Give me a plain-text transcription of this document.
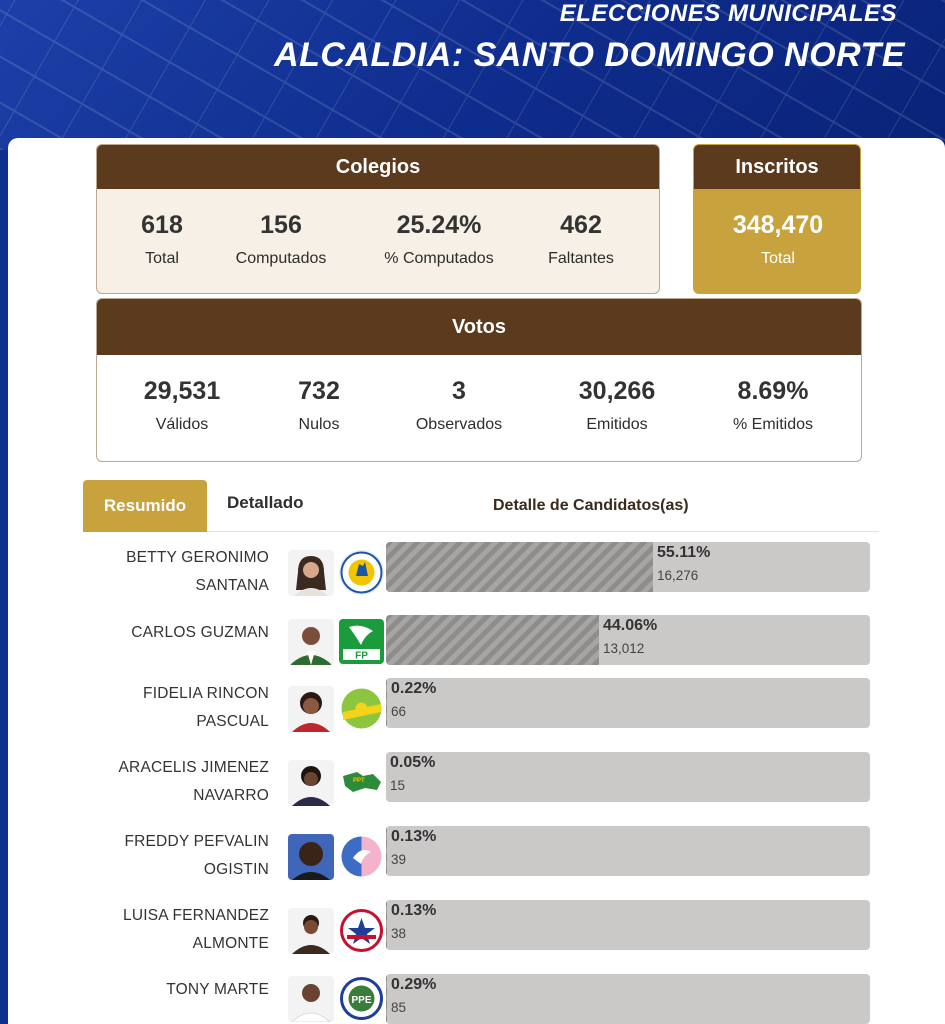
ELECCIONES MUNICIPALES
ALCALDIA: SANTO DOMINGO NORTE
Colegios
618
Total
156
Computados
25.24%
% Computados
462
Faltantes
Inscritos
348,470
Total
Votos
29,531
Válidos
732
Nulos
3
Observados
30,266
Emitidos
8.69%
% Emitidos
Resumido	Detallado	Detalle de Candidatos(as)
BETTY GERONIMO
SANTANA
55.11%
16,276
CARLOS GUZMAN
FP
44.06%
13,012
FIDELIA RINCON
PASCUAL
0.22%
66
ARACELIS JIMENEZ
NAVARRO
PPT
0.05%
15
FREDDY PEFVALIN
OGISTIN
0.13%
39
LUISA FERNANDEZ
ALMONTE
0.13%
38
TONY MARTE
PPE
0.29%
85
